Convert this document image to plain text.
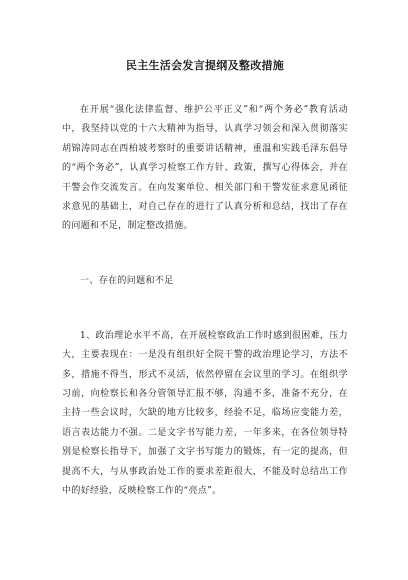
民主生活会发言提纲及整改措施

在开展“强化法律监督、维护公平正义”和“两个务必”教育活动中，我坚持以党的十六大精神为指导，认真学习领会和深入贯彻落实胡锦涛同志在西柏坡考察时的重要讲话精神，重温和实践毛泽东倡导的“两个务必”，认真学习检察工作方针、政策，撰写心得体会，并在干警会作交流发言。在向发案单位、相关部门和干警发征求意见函征求意见的基础上，对自己存在的进行了认真分析和总结，找出了存在的问题和不足，制定整改措施。

一、存在的问题和不足

1、政治理论水平不高，在开展检察政治工作时感到很困难，压力大，主要表现在：一是没有组织好全院干警的政治理论学习，方法不多，措施不得当，形式不灵活，依然停留在会议里的学习。在组织学习前，向检察长和各分管领导汇报不够，沟通不多，准备不充分，在主持一些会议时，欠缺的地方比较多，经验不足，临场应变能力差，语言表达能力不强。二是文字书写能力差，一年多来，在各位领导特别是检察长指导下，加强了文字书写能力的锻炼，有一定的提高，但提高不大，与从事政治处工作的要求差距很大，不能及时总结出工作中的好经验，反映检察工作的“亮点”。
